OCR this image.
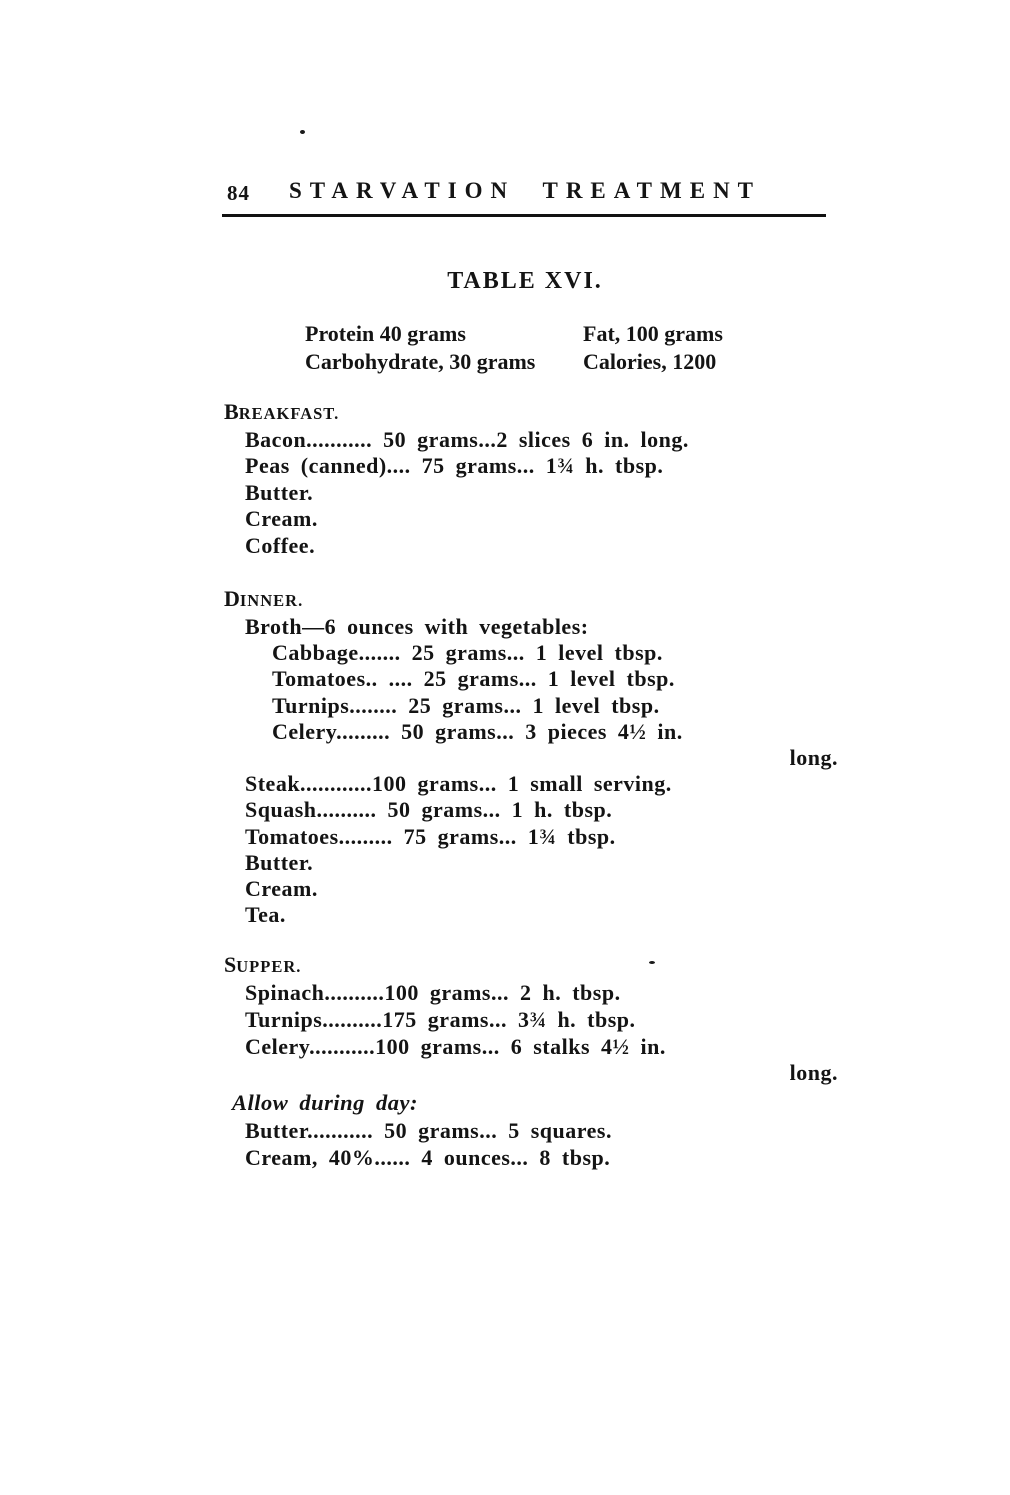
84	STARVATION TREATMENT
TABLE XVI.
Protein 40 grams	Fat, 100 grams
Carbohydrate, 30 grams	Calories, 1200
BREAKFAST.
Bacon........... 50 grams...2 slices 6 in. long.
Peas (canned).... 75 grams... 1¾ h. tbsp.
Butter.
Cream.
Coffee.
DINNER.
Broth—6 ounces with vegetables:
Cabbage....... 25 grams... 1 level tbsp.
Tomatoes.. .... 25 grams... 1 level tbsp.
Turnips........ 25 grams... 1 level tbsp.
Celery......... 50 grams... 3 pieces 4½ in.
long.
Steak............100 grams... 1 small serving.
Squash.......... 50 grams... 1 h. tbsp.
Tomatoes......... 75 grams... 1¾ tbsp.
Butter.
Cream.
Tea.
SUPPER.
Spinach..........100 grams... 2 h. tbsp.
Turnips..........175 grams... 3¾ h. tbsp.
Celery...........100 grams... 6 stalks 4½ in.
long.
Allow during day:
Butter........... 50 grams... 5 squares.
Cream, 40%...... 4 ounces... 8 tbsp.
